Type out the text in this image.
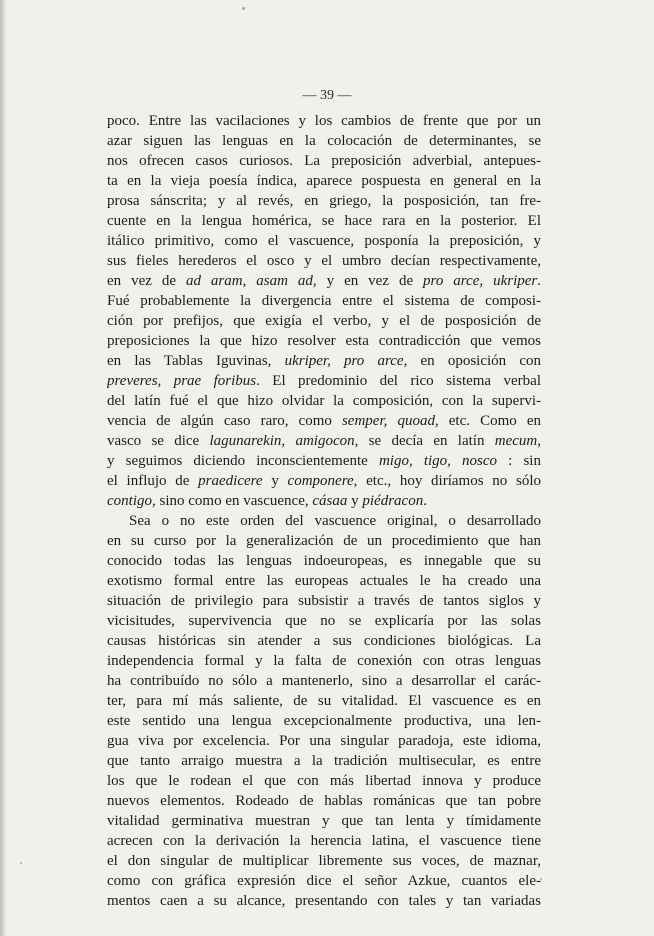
— 39 —

poco. Entre las vacilaciones y los cambios de frente que por un
azar siguen las lenguas en la colocación de determinantes, se
nos ofrecen casos curiosos. La preposición adverbial, antepues-
ta en la vieja poesía índica, aparece pospuesta en general en la
prosa sánscrita; y al revés, en griego, la posposición, tan fre-
cuente en la lengua homérica, se hace rara en la posterior. El
itálico primitivo, como el vascuence, posponía la preposición, y
sus fieles herederos el osco y el umbro decían respectivamente,
en vez de ad aram, asam ad, y en vez de pro arce, ukriper.
Fué probablemente la divergencia entre el sistema de composi-
ción por prefijos, que exigía el verbo, y el de posposición de
preposiciones la que hizo resolver esta contradicción que vemos
en las Tablas Iguvinas, ukriper, pro arce, en oposición con
preveres, prae foribus. El predominio del rico sistema verbal
del latín fué el que hizo olvidar la composición, con la supervi-
vencia de algún caso raro, como semper, quoad, etc. Como en
vasco se dice lagunarekin, amigocon, se decía en latín mecum,
y seguimos diciendo inconscientemente migo, tigo, nosco : sin
el influjo de praedicere y componere, etc., hoy diríamos no sólo
contigo, sino como en vascuence, cásaa y piédracon.
Sea o no este orden del vascuence original, o desarrollado
en su curso por la generalización de un procedimiento que han
conocido todas las lenguas indoeuropeas, es innegable que su
exotismo formal entre las europeas actuales le ha creado una
situación de privilegio para subsistir a través de tantos siglos y
vicisitudes, supervivencia que no se explicaría por las solas
causas históricas sin atender a sus condiciones biológicas. La
independencia formal y la falta de conexión con otras lenguas
ha contribuído no sólo a mantenerlo, sino a desarrollar el carác-
ter, para mí más saliente, de su vitalidad. El vascuence es en
este sentido una lengua excepcionalmente productiva, una len-
gua viva por excelencia. Por una singular paradoja, este idioma,
que tanto arraigo muestra a la tradición multisecular, es entre
los que le rodean el que con más libertad innova y produce
nuevos elementos. Rodeado de hablas románicas que tan pobre
vitalidad germinativa muestran y que tan lenta y tímidamente
acrecen con la derivación la herencia latina, el vascuence tiene
el don singular de multiplicar libremente sus voces, de maznar,
como con gráfica expresión dice el señor Azkue, cuantos ele-
mentos caen a su alcance, presentando con tales y tan variadas
